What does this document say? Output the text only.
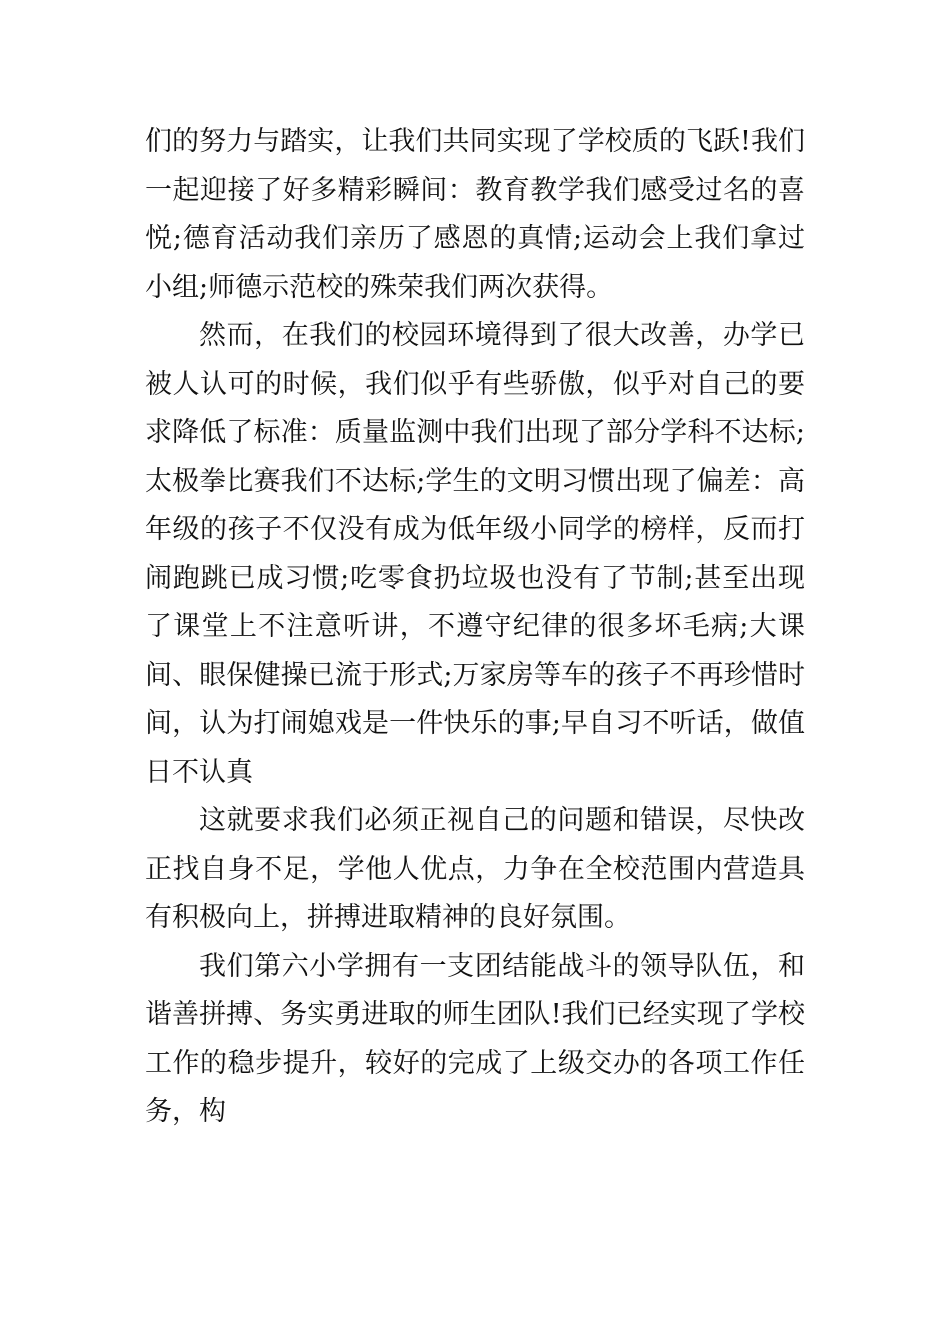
们的努力与踏实，让我们共同实现了学校质的飞跃!我们一起迎接了好多精彩瞬间：教育教学我们感受过名的喜悦;德育活动我们亲历了感恩的真情;运动会上我们拿过小组;师德示范校的殊荣我们两次获得。

然而，在我们的校园环境得到了很大改善，办学已被人认可的时候，我们似乎有些骄傲，似乎对自己的要求降低了标准：质量监测中我们出现了部分学科不达标;太极拳比赛我们不达标;学生的文明习惯出现了偏差：高年级的孩子不仅没有成为低年级小同学的榜样，反而打闹跑跳已成习惯;吃零食扔垃圾也没有了节制;甚至出现了课堂上不注意听讲，不遵守纪律的很多坏毛病;大课间、眼保健操已流于形式;万家房等车的孩子不再珍惜时间，认为打闹媳戏是一件快乐的事;早自习不听话，做值日不认真

这就要求我们必须正视自己的问题和错误，尽快改正找自身不足，学他人优点，力争在全校范围内营造具有积极向上，拼搏进取精神的良好氛围。

我们第六小学拥有一支团结能战斗的领导队伍，和谐善拼搏、务实勇进取的师生团队!我们已经实现了学校工作的稳步提升，较好的完成了上级交办的各项工作任务，构
